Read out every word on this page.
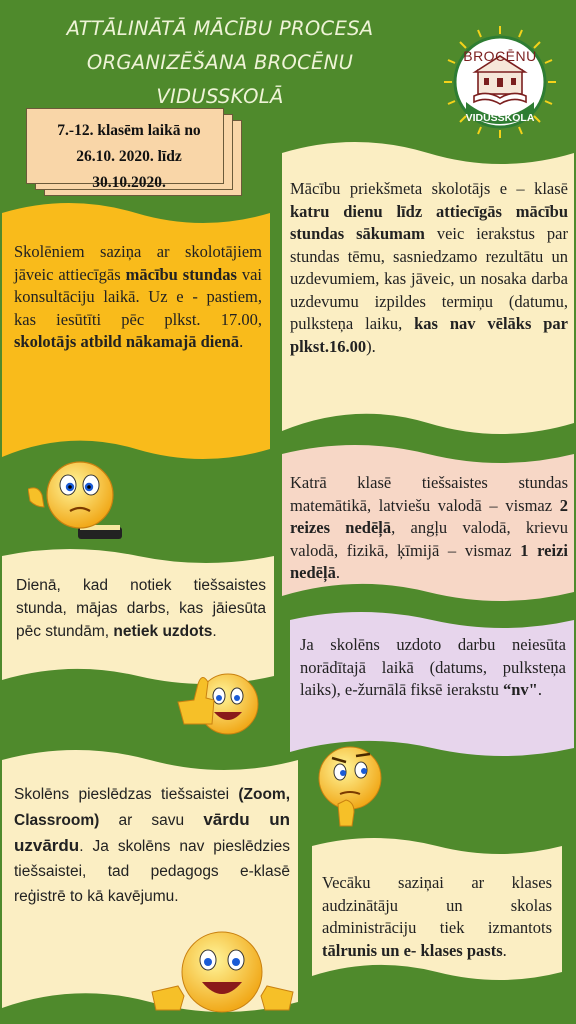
ATTĀLINĀTĀ MĀCĪBU PROCESA
ORGANIZĒŠANA BROCĒNU VIDUSSKOLĀ
BROCĒNU
VIDUSSKOLA
7.-12. klasēm laikā no
26.10. 2020. līdz
30.10.2020.
Skolēniem saziņa ar skolotājiem jāveic attiecīgās mācību stundas vai konsultāciju laikā. Uz e - pastiem, kas iesūtīti pēc plkst. 17.00, skolotājs atbild nākamajā dienā.
Mācību priekšmeta skolotājs e – klasē katru dienu līdz attiecīgās mācību stundas sākumam veic ierakstus par stundas tēmu, sasniedzamo rezultātu un uzdevumiem, kas jāveic, un nosaka darba uzdevumu izpildes termiņu (datumu, pulksteņa laiku, kas nav vēlāks par plkst.16.00).
Katrā klasē tiešsaistes stundas matemātikā, latviešu valodā – vismaz 2 reizes nedēļā, angļu valodā, krievu valodā, fizikā, ķīmijā – vismaz 1 reizi nedēļā.
Dienā, kad notiek tiešsaistes stunda, mājas darbs, kas jāiesūta pēc stundām, netiek uzdots.
Ja skolēns uzdoto darbu neiesūta norādītajā laikā (datums, pulksteņa laiks), e-žurnālā fiksē ierakstu “nv".
Skolēns pieslēdzas tiešsaistei (Zoom, Classroom) ar savu vārdu un uzvārdu. Ja skolēns nav pieslēdzies tiešsaistei, tad pedagogs e-klasē reģistrē to kā kavējumu.
Vecāku saziņai ar klases audzinātāju un skolas administrāciju tiek izmantots tālrunis un e- klases pasts.
